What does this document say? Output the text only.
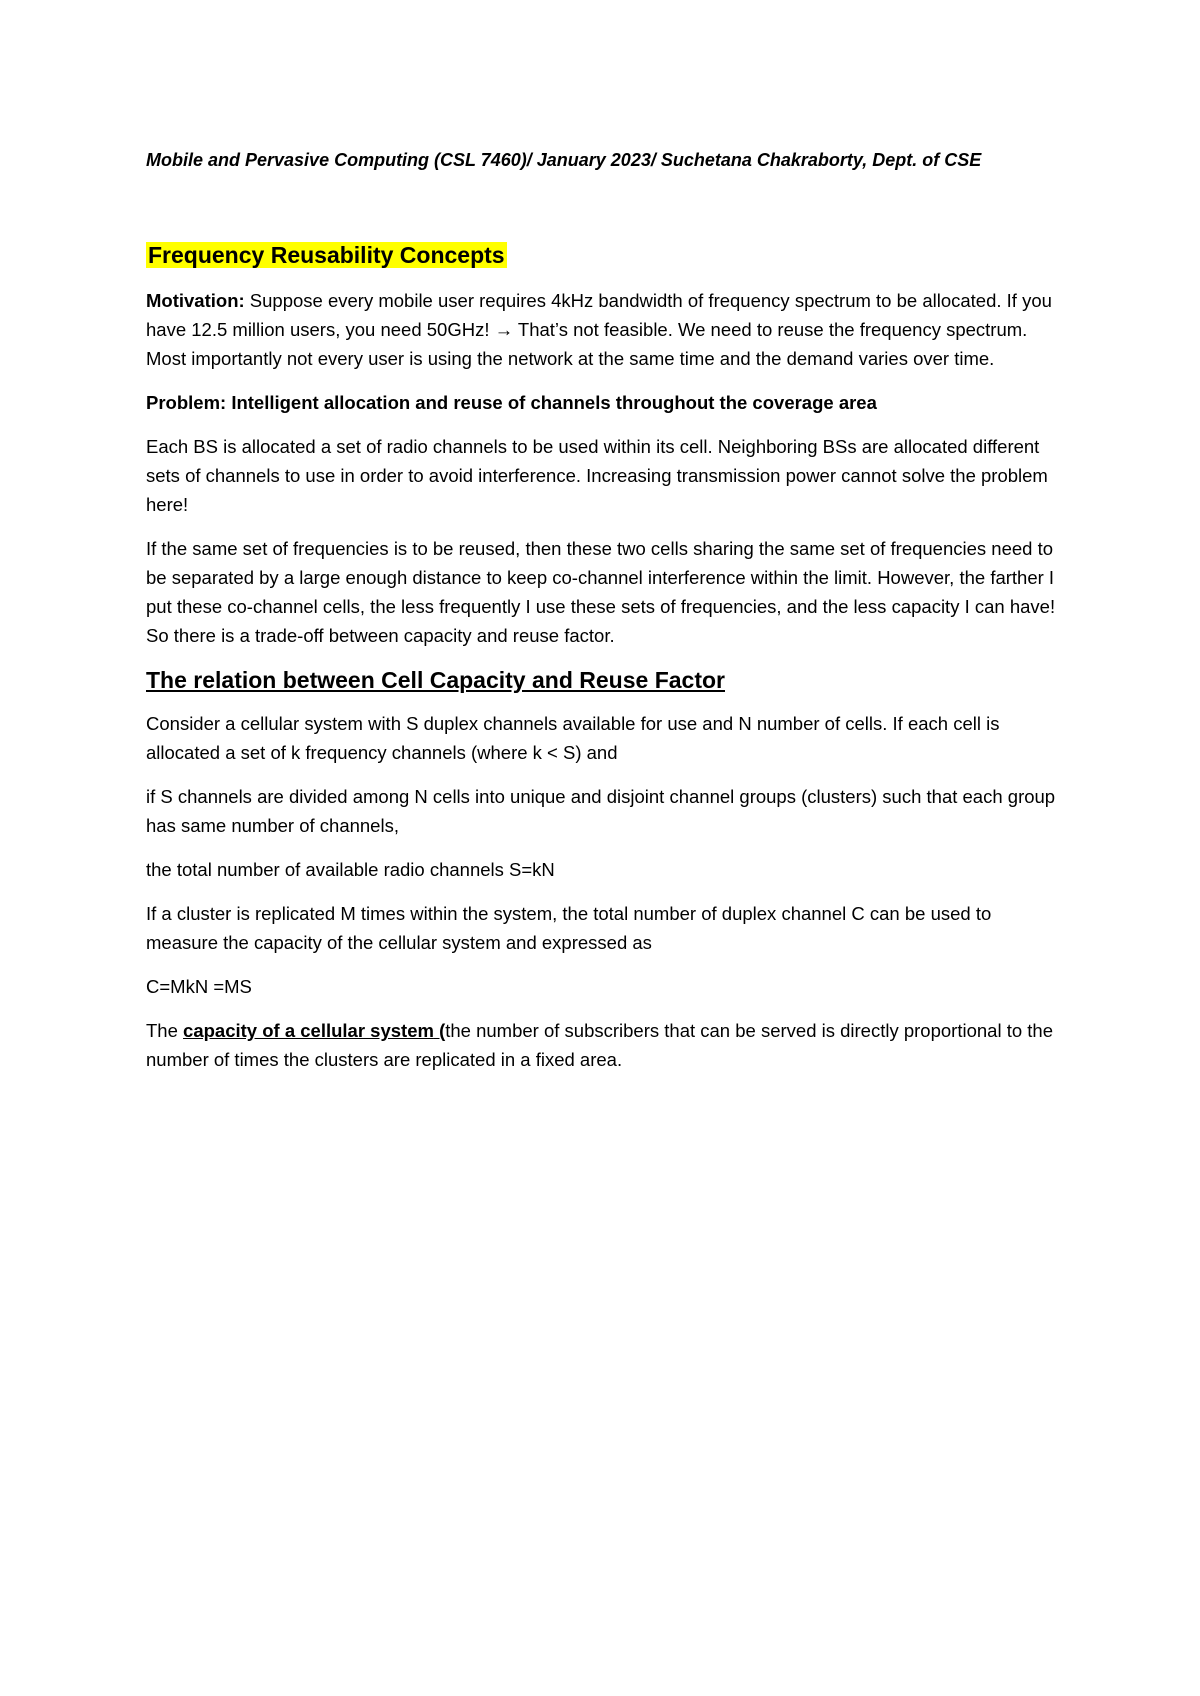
Mobile and Pervasive Computing (CSL 7460)/ January 2023/ Suchetana Chakraborty, Dept. of CSE
Frequency Reusability Concepts

Motivation: Suppose every mobile user requires 4kHz bandwidth of frequency spectrum to be allocated. If you have 12.5 million users, you need 50GHz! → That’s not feasible. We need to reuse the frequency spectrum. Most importantly not every user is using the network at the same time and the demand varies over time.

Problem: Intelligent allocation and reuse of channels throughout the coverage area

Each BS is allocated a set of radio channels to be used within its cell. Neighboring BSs are allocated different sets of channels to use in order to avoid interference. Increasing transmission power cannot solve the problem here!

If the same set of frequencies is to be reused, then these two cells sharing the same set of frequencies need to be separated by a large enough distance to keep co-channel interference within the limit. However, the farther I put these co-channel cells, the less frequently I use these sets of frequencies, and the less capacity I can have! So there is a trade-off between capacity and reuse factor.

The relation between Cell Capacity and Reuse Factor

Consider a cellular system with S duplex channels available for use and N number of cells. If each cell is allocated a set of k frequency channels (where k < S) and

if S channels are divided among N cells into unique and disjoint channel groups (clusters) such that each group has same number of channels,

the total number of available radio channels S=kN

If a cluster is replicated M times within the system, the total number of duplex channel C can be used to measure the capacity of the cellular system and expressed as

C=MkN =MS

The capacity of a cellular system (the number of subscribers that can be served is directly proportional to the number of times the clusters are replicated in a fixed area.
